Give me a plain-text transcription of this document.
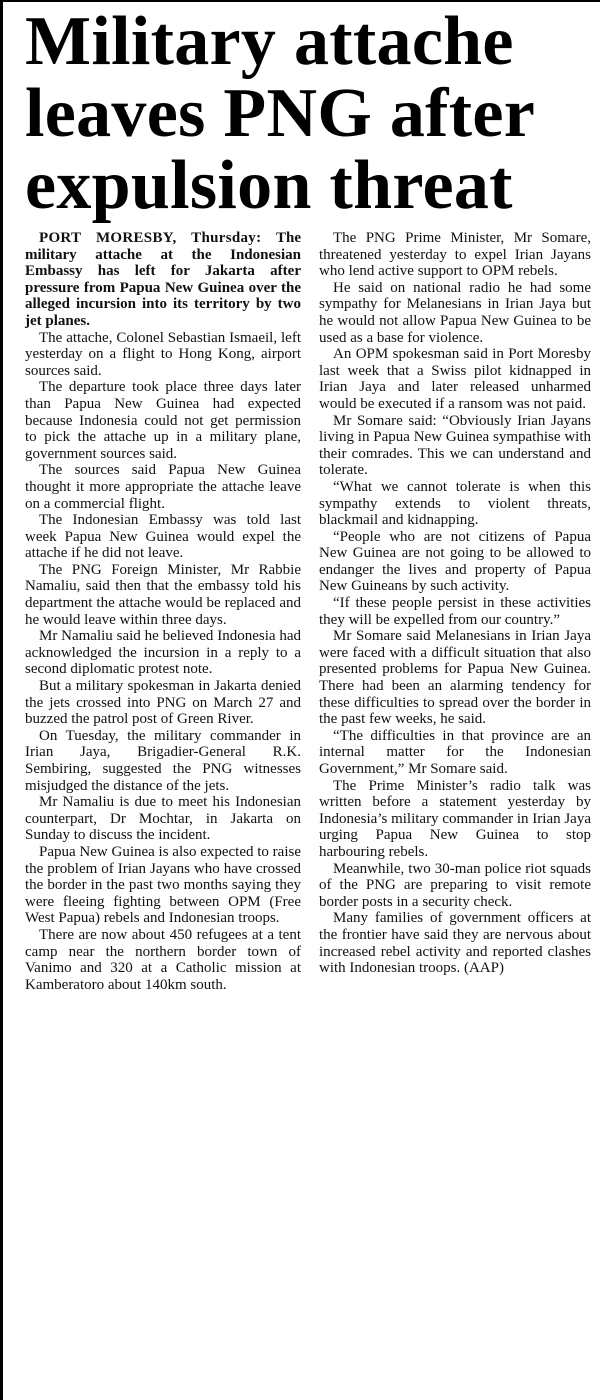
Military attache
leaves PNG after
expulsion threat

PORT MORESBY, Thursday: The military attache at the Indonesian Embassy has left for Jakarta after pressure from Papua New Guinea over the alleged incursion into its territory by two jet planes.

The attache, Colonel Sebastian Ismaeil, left yesterday on a flight to Hong Kong, airport sources said.

The departure took place three days later than Papua New Guinea had expected because Indonesia could not get permission to pick the attache up in a military plane, government sources said.

The sources said Papua New Guinea thought it more appropriate the attache leave on a commercial flight.

The Indonesian Embassy was told last week Papua New Guinea would expel the attache if he did not leave.

The PNG Foreign Minister, Mr Rabbie Namaliu, said then that the embassy told his department the attache would be replaced and he would leave within three days.

Mr Namaliu said he believed Indonesia had acknowledged the incursion in a reply to a second diplomatic protest note.

But a military spokesman in Jakarta denied the jets crossed into PNG on March 27 and buzzed the patrol post of Green River.

On Tuesday, the military commander in Irian Jaya, Brigadier-General R.K. Sembiring, suggested the PNG witnesses misjudged the distance of the jets.

Mr Namaliu is due to meet his Indonesian counterpart, Dr Mochtar, in Jakarta on Sunday to discuss the incident.

Papua New Guinea is also expected to raise the problem of Irian Jayans who have crossed the border in the past two months saying they were fleeing fighting between OPM (Free West Papua) rebels and Indonesian troops.

There are now about 450 refugees at a tent camp near the northern border town of Vanimo and 320 at a Catholic mission at Kamberatoro about 140km south.

The PNG Prime Minister, Mr Somare, threatened yesterday to expel Irian Jayans who lend active support to OPM rebels.

He said on national radio he had some sympathy for Melanesians in Irian Jaya but he would not allow Papua New Guinea to be used as a base for violence.

An OPM spokesman said in Port Moresby last week that a Swiss pilot kidnapped in Irian Jaya and later released unharmed would be executed if a ransom was not paid.

Mr Somare said: “Obviously Irian Jayans living in Papua New Guinea sympathise with their comrades. This we can understand and tolerate.

“What we cannot tolerate is when this sympathy extends to violent threats, blackmail and kidnapping.

“People who are not citizens of Papua New Guinea are not going to be allowed to endanger the lives and property of Papua New Guineans by such activity.

“If these people persist in these activities they will be expelled from our country.”

Mr Somare said Melanesians in Irian Jaya were faced with a difficult situation that also presented problems for Papua New Guinea. There had been an alarming tendency for these difficulties to spread over the border in the past few weeks, he said.

“The difficulties in that province are an internal matter for the Indonesian Government,” Mr Somare said.

The Prime Minister’s radio talk was written before a statement yesterday by Indonesia’s military commander in Irian Jaya urging Papua New Guinea to stop harbouring rebels.

Meanwhile, two 30-man police riot squads of the PNG are preparing to visit remote border posts in a security check.

Many families of government officers at the frontier have said they are nervous about increased rebel activity and reported clashes with Indonesian troops. (AAP)
